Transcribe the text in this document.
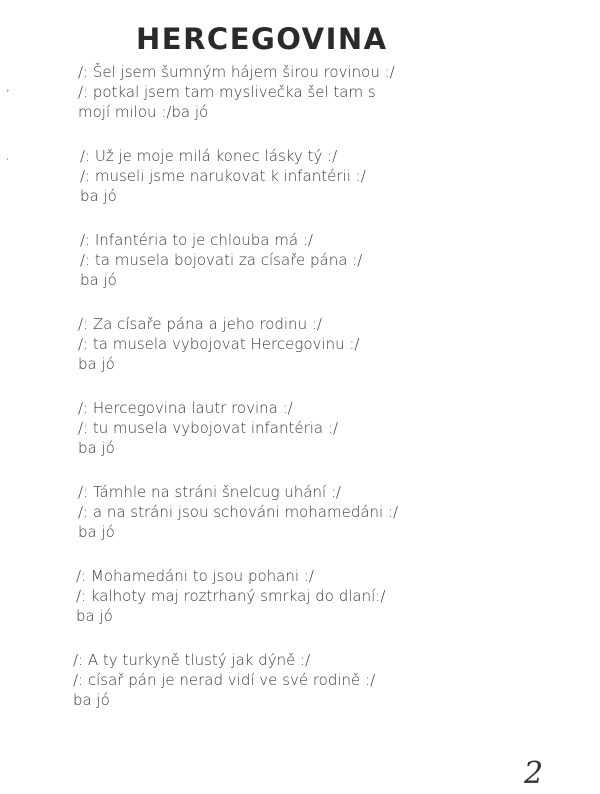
HERCEGOVINA
›
‚
/: Šel jsem šumným hájem širou rovinou :/
/: potkal jsem tam myslivečka šel tam s
mojí milou :/ba jó
/: Už je moje milá konec lásky tý :/
/: museli jsme narukovat k infantérii :/
ba jó
/: Infantéria to je chlouba má :/
/: ta musela bojovati za císaře pána :/
ba jó
/: Za císaře pána a jeho rodinu :/
/: ta musela vybojovat Hercegovinu :/
ba jó
/: Hercegovina lautr rovina :/
/: tu musela vybojovat infantéria :/
ba jó
/: Támhle na stráni šnelcug uhání :/
/: a na stráni jsou schováni mohamedáni :/
ba jó
/: Mohamedáni to jsou pohani :/
/: kalhoty maj roztrhaný smrkaj do dlaní:/
ba jó
/: A ty turkyně tlustý jak dýně :/
/: císař pán je nerad vidí ve své rodině :/
ba jó
2
